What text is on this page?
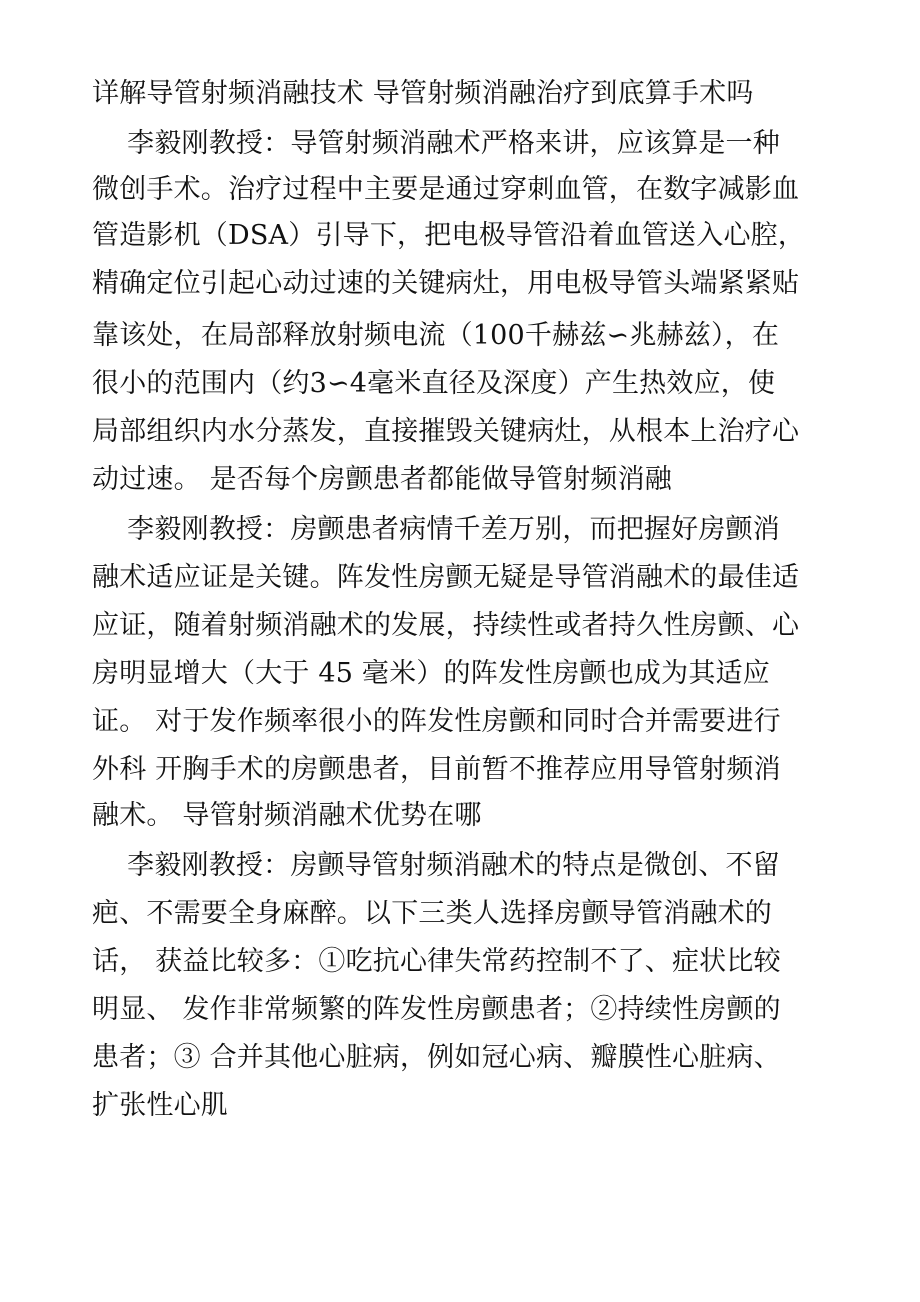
详解导管射频消融技术 导管射频消融治疗到底算手术吗
李毅刚教授：导管射频消融术严格来讲，应该算是一种
微创手术。治疗过程中主要是通过穿刺血管，在数字减影血
管造影机（DSA）引导下，把电极导管沿着血管送入心腔，
精确定位引起心动过速的关键病灶，用电极导管头端紧紧贴
靠该处，在局部释放射频电流（100千赫兹∽兆赫兹），在
很小的范围内（约3∽4毫米直径及深度）产生热效应，使
局部组织内水分蒸发，直接摧毁关键病灶，从根本上治疗心
动过速。 是否每个房颤患者都能做导管射频消融
李毅刚教授：房颤患者病情千差万别，而把握好房颤消
融术适应证是关键。阵发性房颤无疑是导管消融术的最佳适
应证，随着射频消融术的发展，持续性或者持久性房颤、心
房明显增大（大于 45 毫米）的阵发性房颤也成为其适应
证。 对于发作频率很小的阵发性房颤和同时合并需要进行
外科 开胸手术的房颤患者，目前暂不推荐应用导管射频消
融术。 导管射频消融术优势在哪
李毅刚教授：房颤导管射频消融术的特点是微创、不留
疤、不需要全身麻醉。以下三类人选择房颤导管消融术的
话， 获益比较多：①吃抗心律失常药控制不了、症状比较
明显、 发作非常频繁的阵发性房颤患者；②持续性房颤的
患者；③ 合并其他心脏病，例如冠心病、瓣膜性心脏病、
扩张性心肌
